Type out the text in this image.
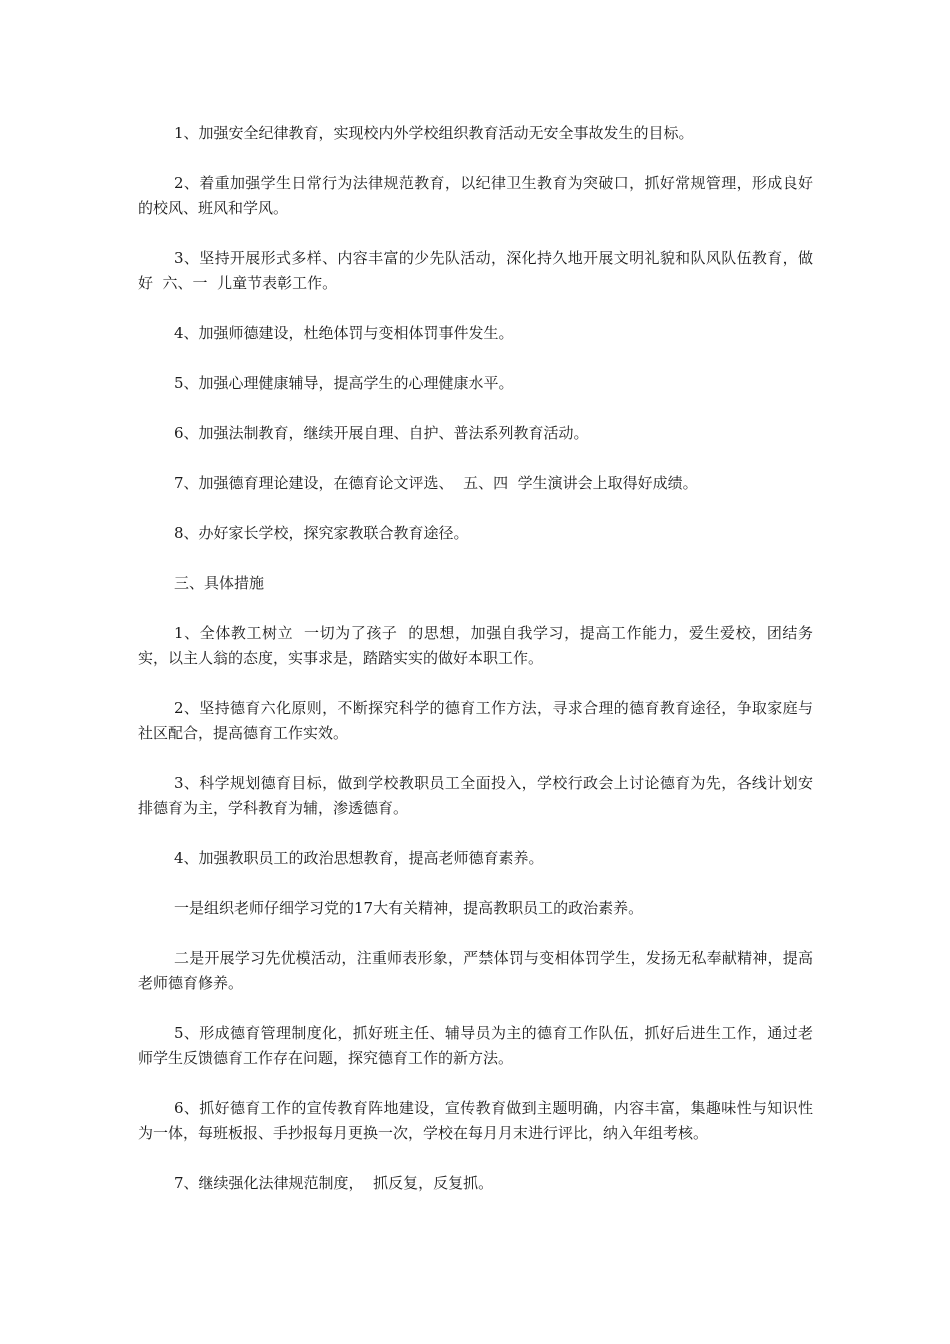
1、加强安全纪律教育，实现校内外学校组织教育活动无安全事故发生的目标。

2、着重加强学生日常行为法律规范教育，以纪律卫生教育为突破口，抓好常规管理，形成良好的校风、班风和学风。

3、坚持开展形式多样、内容丰富的少先队活动，深化持久地开展文明礼貌和队风队伍教育，做好  六、一  儿童节表彰工作。

4、加强师德建设，杜绝体罚与变相体罚事件发生。

5、加强心理健康辅导，提高学生的心理健康水平。

6、加强法制教育，继续开展自理、自护、普法系列教育活动。

7、加强德育理论建设，在德育论文评选、  五、四  学生演讲会上取得好成绩。

8、办好家长学校，探究家教联合教育途径。

三、具体措施

1、全体教工树立  一切为了孩子  的思想，加强自我学习，提高工作能力，爱生爱校，团结务实，以主人翁的态度，实事求是，踏踏实实的做好本职工作。

2、坚持德育六化原则，不断探究科学的德育工作方法，寻求合理的德育教育途径，争取家庭与社区配合，提高德育工作实效。

3、科学规划德育目标，做到学校教职员工全面投入，学校行政会上讨论德育为先，各线计划安排德育为主，学科教育为辅，渗透德育。

4、加强教职员工的政治思想教育，提高老师德育素养。

一是组织老师仔细学习党的17大有关精神，提高教职员工的政治素养。

二是开展学习先优模活动，注重师表形象，严禁体罚与变相体罚学生，发扬无私奉献精神，提高老师德育修养。

5、形成德育管理制度化，抓好班主任、辅导员为主的德育工作队伍，抓好后进生工作，通过老师学生反馈德育工作存在问题，探究德育工作的新方法。

6、抓好德育工作的宣传教育阵地建设，宣传教育做到主题明确，内容丰富，集趣味性与知识性为一体，每班板报、手抄报每月更换一次，学校在每月月末进行评比，纳入年组考核。

7、继续强化法律规范制度，  抓反复，反复抓。
